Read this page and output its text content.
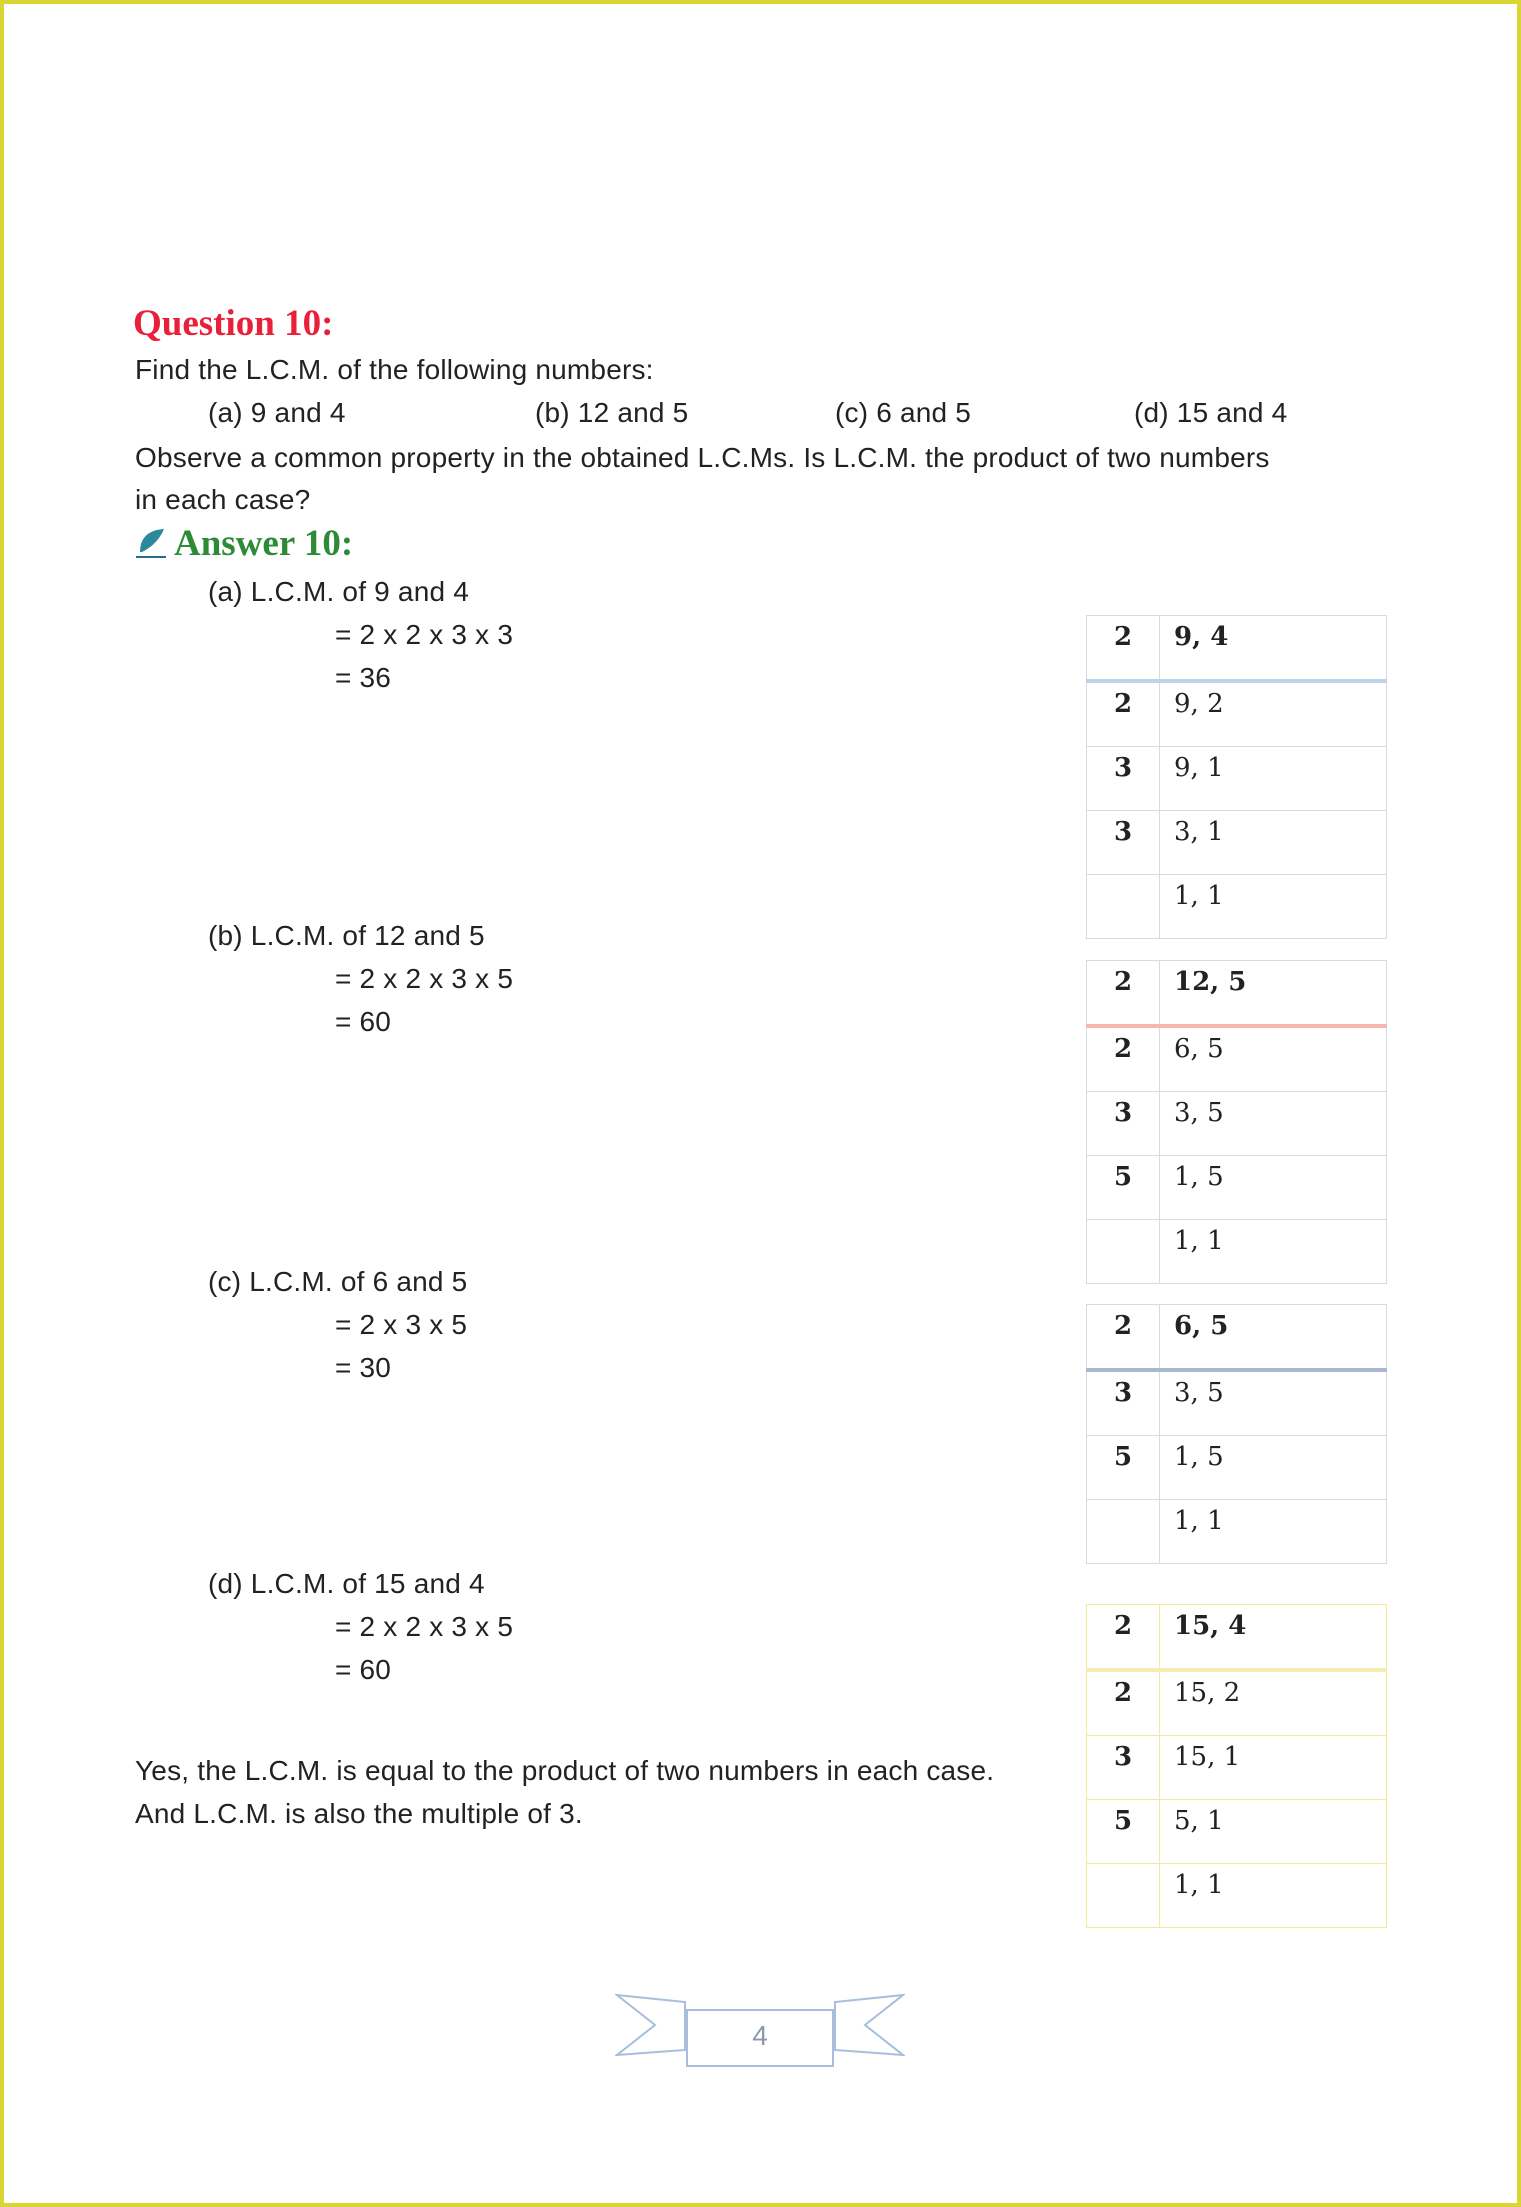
Question 10:
Find the L.C.M. of the following numbers:
(a) 9 and 4	(b) 12 and 5	(c) 6 and 5	(d) 15 and 4
Observe a common property in the obtained L.C.Ms. Is L.C.M. the product of two numbers
in each case?
Answer 10:
(a) L.C.M. of 9 and 4
= 2 x 2 x 3 x 3
= 36
2	9, 4
2	9, 2
3	9, 1
3	3, 1
	1, 1
(b) L.C.M. of 12 and 5
= 2 x 2 x 3 x 5
= 60
2	12, 5
2	6, 5
3	3, 5
5	1, 5
	1, 1
(c) L.C.M. of 6 and 5
= 2 x 3 x 5
= 30
2	6, 5
3	3, 5
5	1, 5
	1, 1
(d) L.C.M. of 15 and 4
= 2 x 2 x 3 x 5
= 60
2	15, 4
2	15, 2
3	15, 1
5	5, 1
	1, 1
Yes, the L.C.M. is equal to the product of two numbers in each case.
And L.C.M. is also the multiple of 3.
4
